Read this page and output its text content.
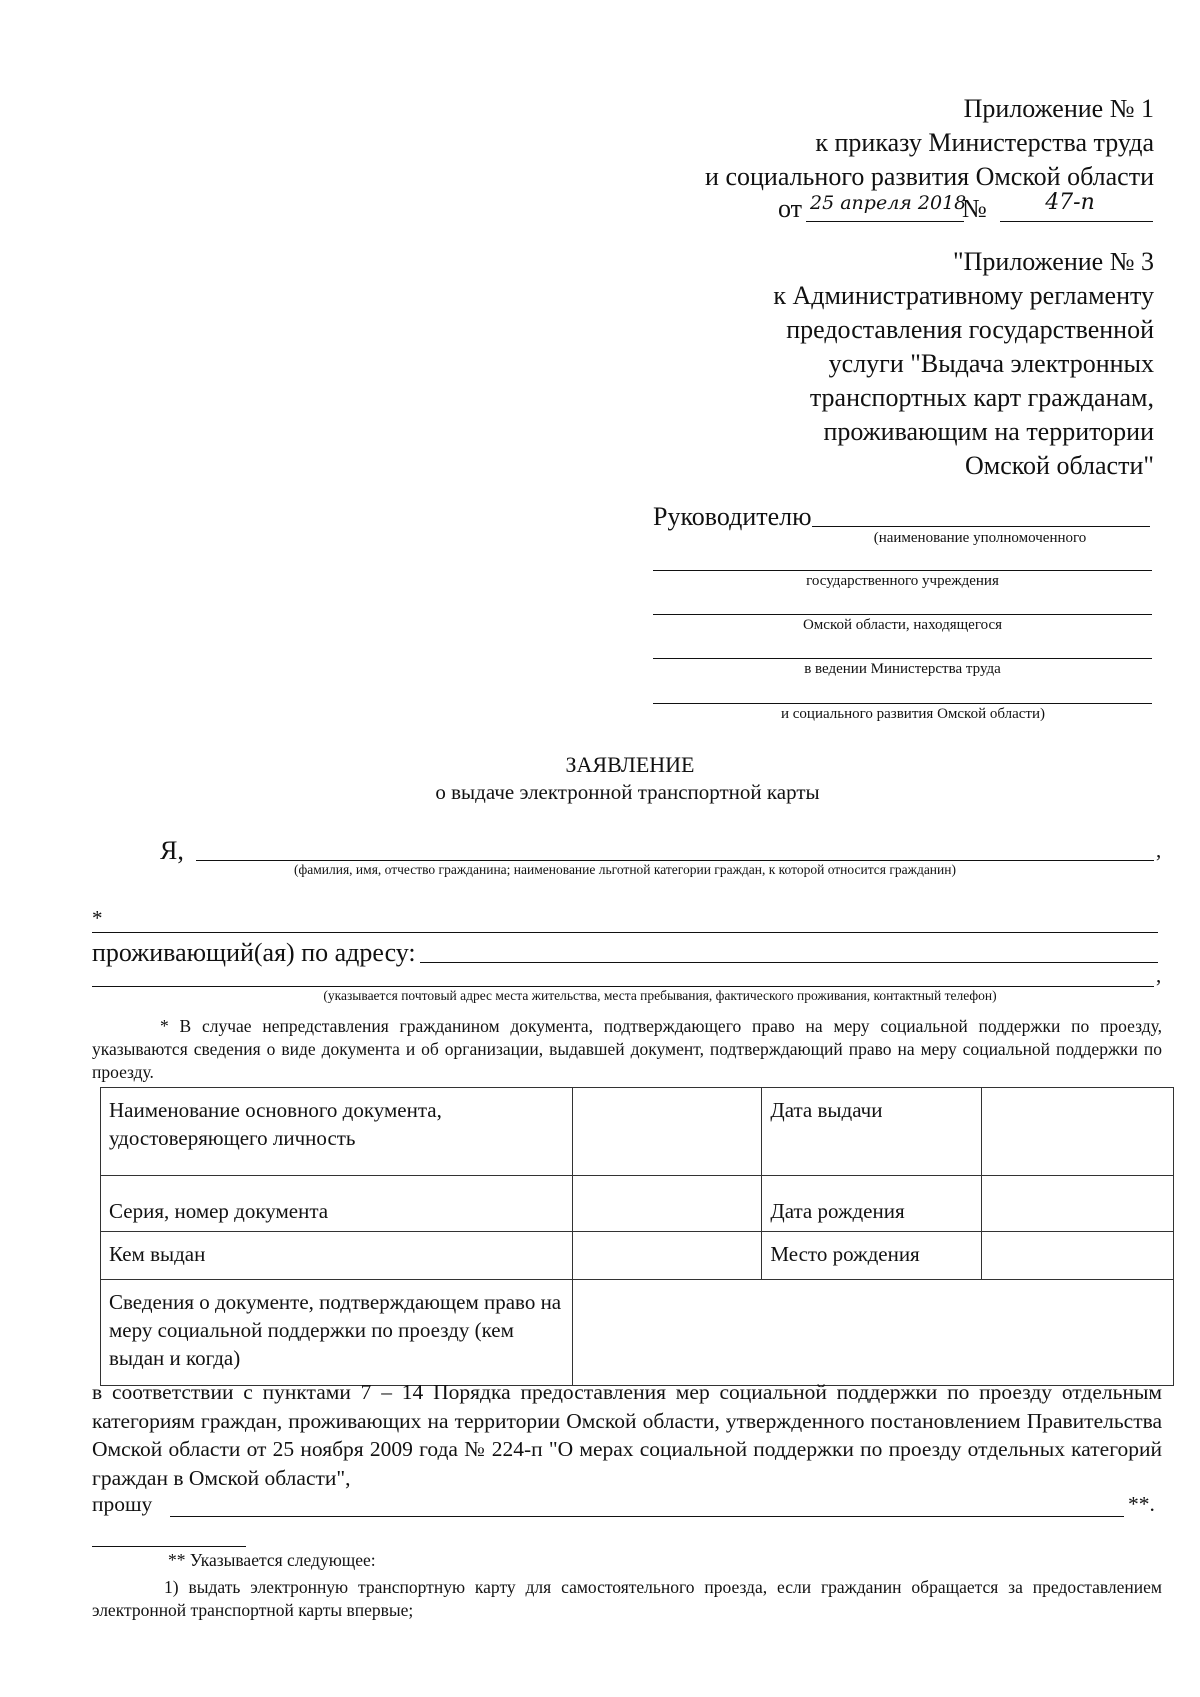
Приложение № 1
к приказу Министерства труда
и социального развития Омской области
от 25 апреля 2018
№	47-п
"Приложение № 3
к Административному регламенту
предоставления государственной
услуги "Выдача электронных
транспортных карт гражданам,
проживающим на территории
Омской области"
Руководителю
(наименование уполномоченного
государственного учреждения
Омской области, находящегося
в ведении Министерства труда
и социального развития Омской области)
ЗАЯВЛЕНИЕ
о выдаче электронной транспортной карты
Я,	,
(фамилия, имя, отчество гражданина; наименование льготной категории граждан, к которой относится гражданин)
*
проживающий(ая) по адресу:
,
(указывается почтовый адрес места жительства, места пребывания, фактического проживания, контактный телефон)
* В случае непредставления гражданином документа, подтверждающего право на меру социальной поддержки по проезду, указываются сведения о виде документа и об организации, выдавшей документ, подтверждающий право на меру социальной поддержки по проезду.
Наименование основного документа, удостоверяющего личность		Дата выдачи	
Серия, номер документа		Дата рождения	
Кем выдан		Место рождения	
Сведения о документе, подтверждающем право на меру социальной поддержки по проезду (кем выдан и когда)			
в соответствии с пунктами 7 – 14 Порядка предоставления мер социальной поддержки по проезду отдельным категориям граждан, проживающих на территории Омской области, утвержденного постановлением Правительства Омской области от 25 ноября 2009 года № 224-п "О мерах социальной поддержки по проезду отдельных категорий граждан в Омской области",
прошу	**.
** Указывается следующее:
1) выдать электронную транспортную карту для самостоятельного проезда, если гражданин обращается за предоставлением электронной транспортной карты впервые;
